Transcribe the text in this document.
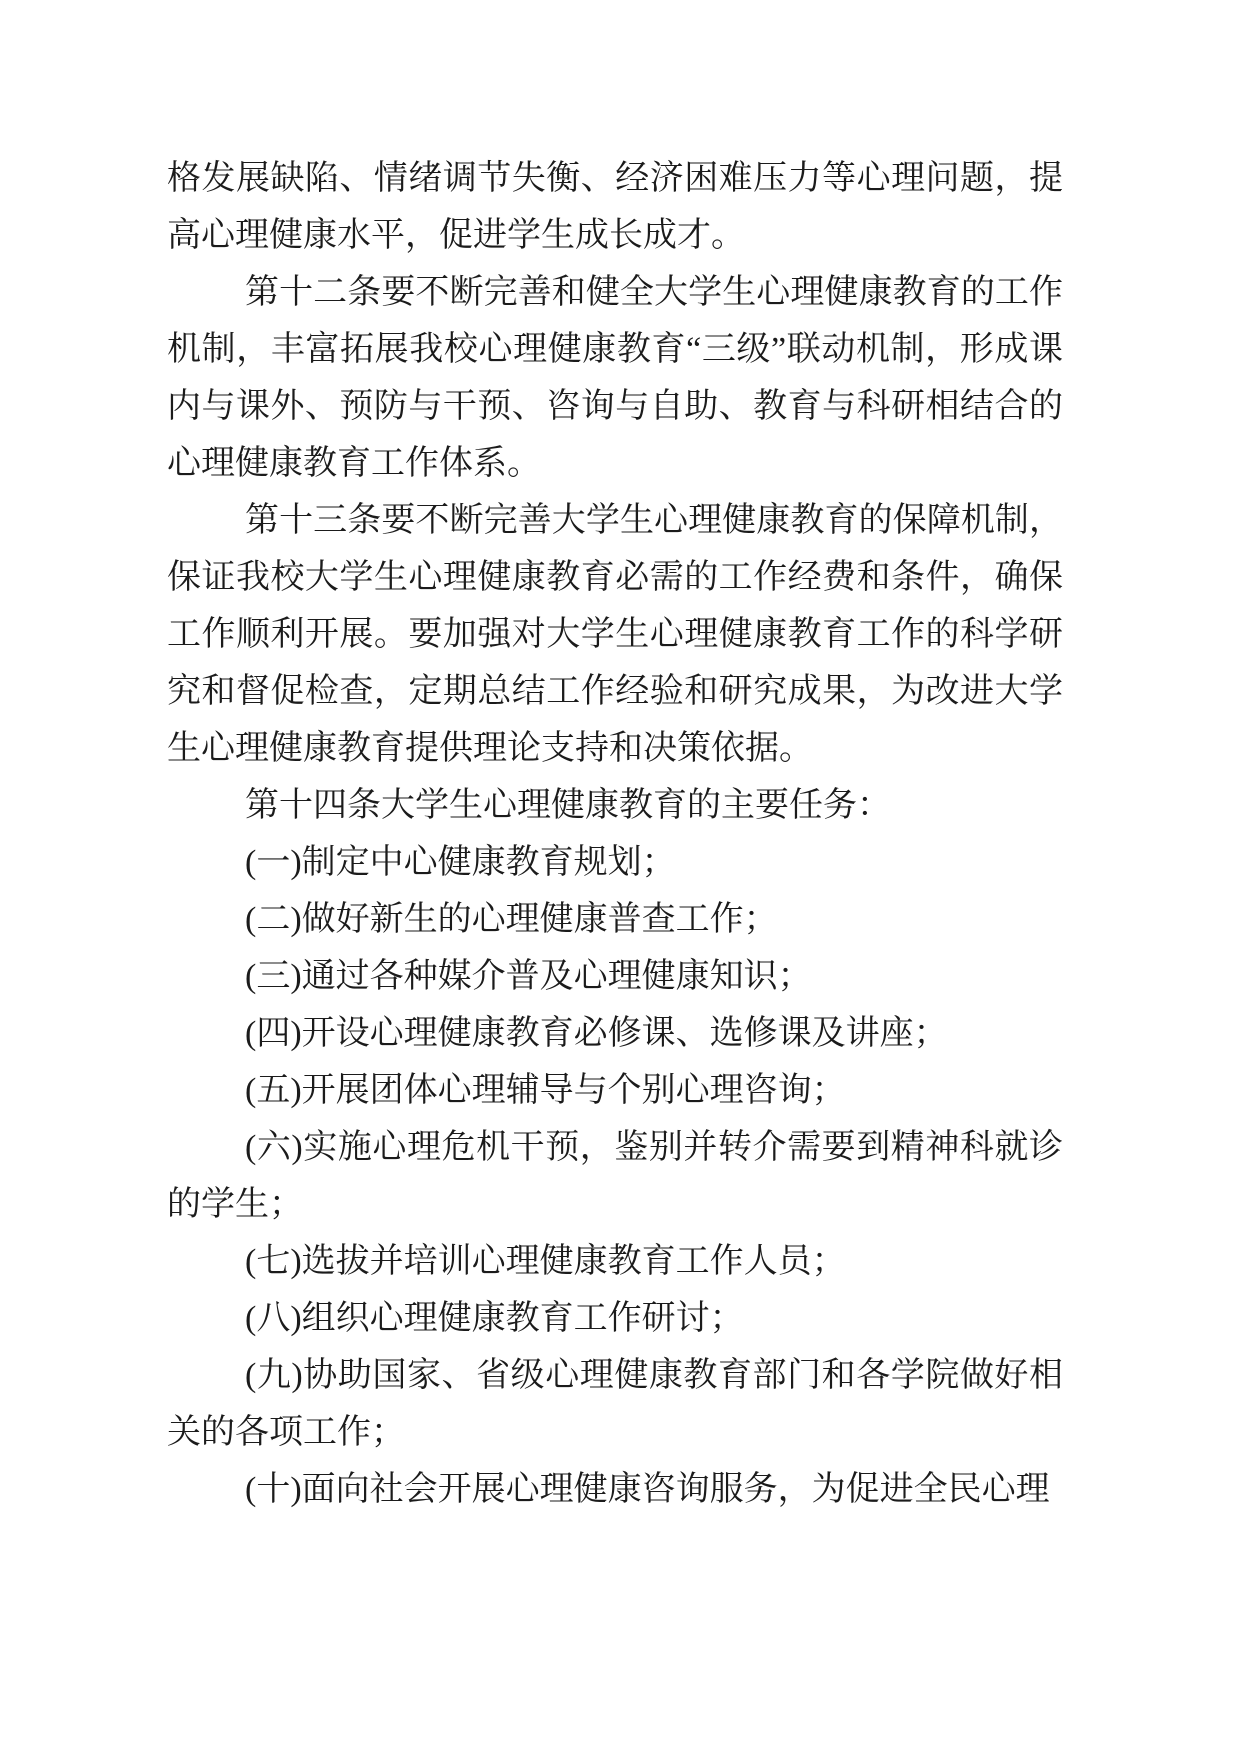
格发展缺陷、情绪调节失衡、经济困难压力等心理问题，提高心理健康水平，促进学生成长成才。

第十二条要不断完善和健全大学生心理健康教育的工作机制，丰富拓展我校心理健康教育“三级”联动机制，形成课内与课外、预防与干预、咨询与自助、教育与科研相结合的心理健康教育工作体系。

第十三条要不断完善大学生心理健康教育的保障机制，保证我校大学生心理健康教育必需的工作经费和条件，确保工作顺利开展。要加强对大学生心理健康教育工作的科学研究和督促检查，定期总结工作经验和研究成果，为改进大学生心理健康教育提供理论支持和决策依据。

第十四条大学生心理健康教育的主要任务：

(一)制定中心健康教育规划；

(二)做好新生的心理健康普查工作；

(三)通过各种媒介普及心理健康知识；

(四)开设心理健康教育必修课、选修课及讲座；

(五)开展团体心理辅导与个别心理咨询；

(六)实施心理危机干预，鉴别并转介需要到精神科就诊的学生；

(七)选拔并培训心理健康教育工作人员；

(八)组织心理健康教育工作研讨；

(九)协助国家、省级心理健康教育部门和各学院做好相关的各项工作；

(十)面向社会开展心理健康咨询服务，为促进全民心理
